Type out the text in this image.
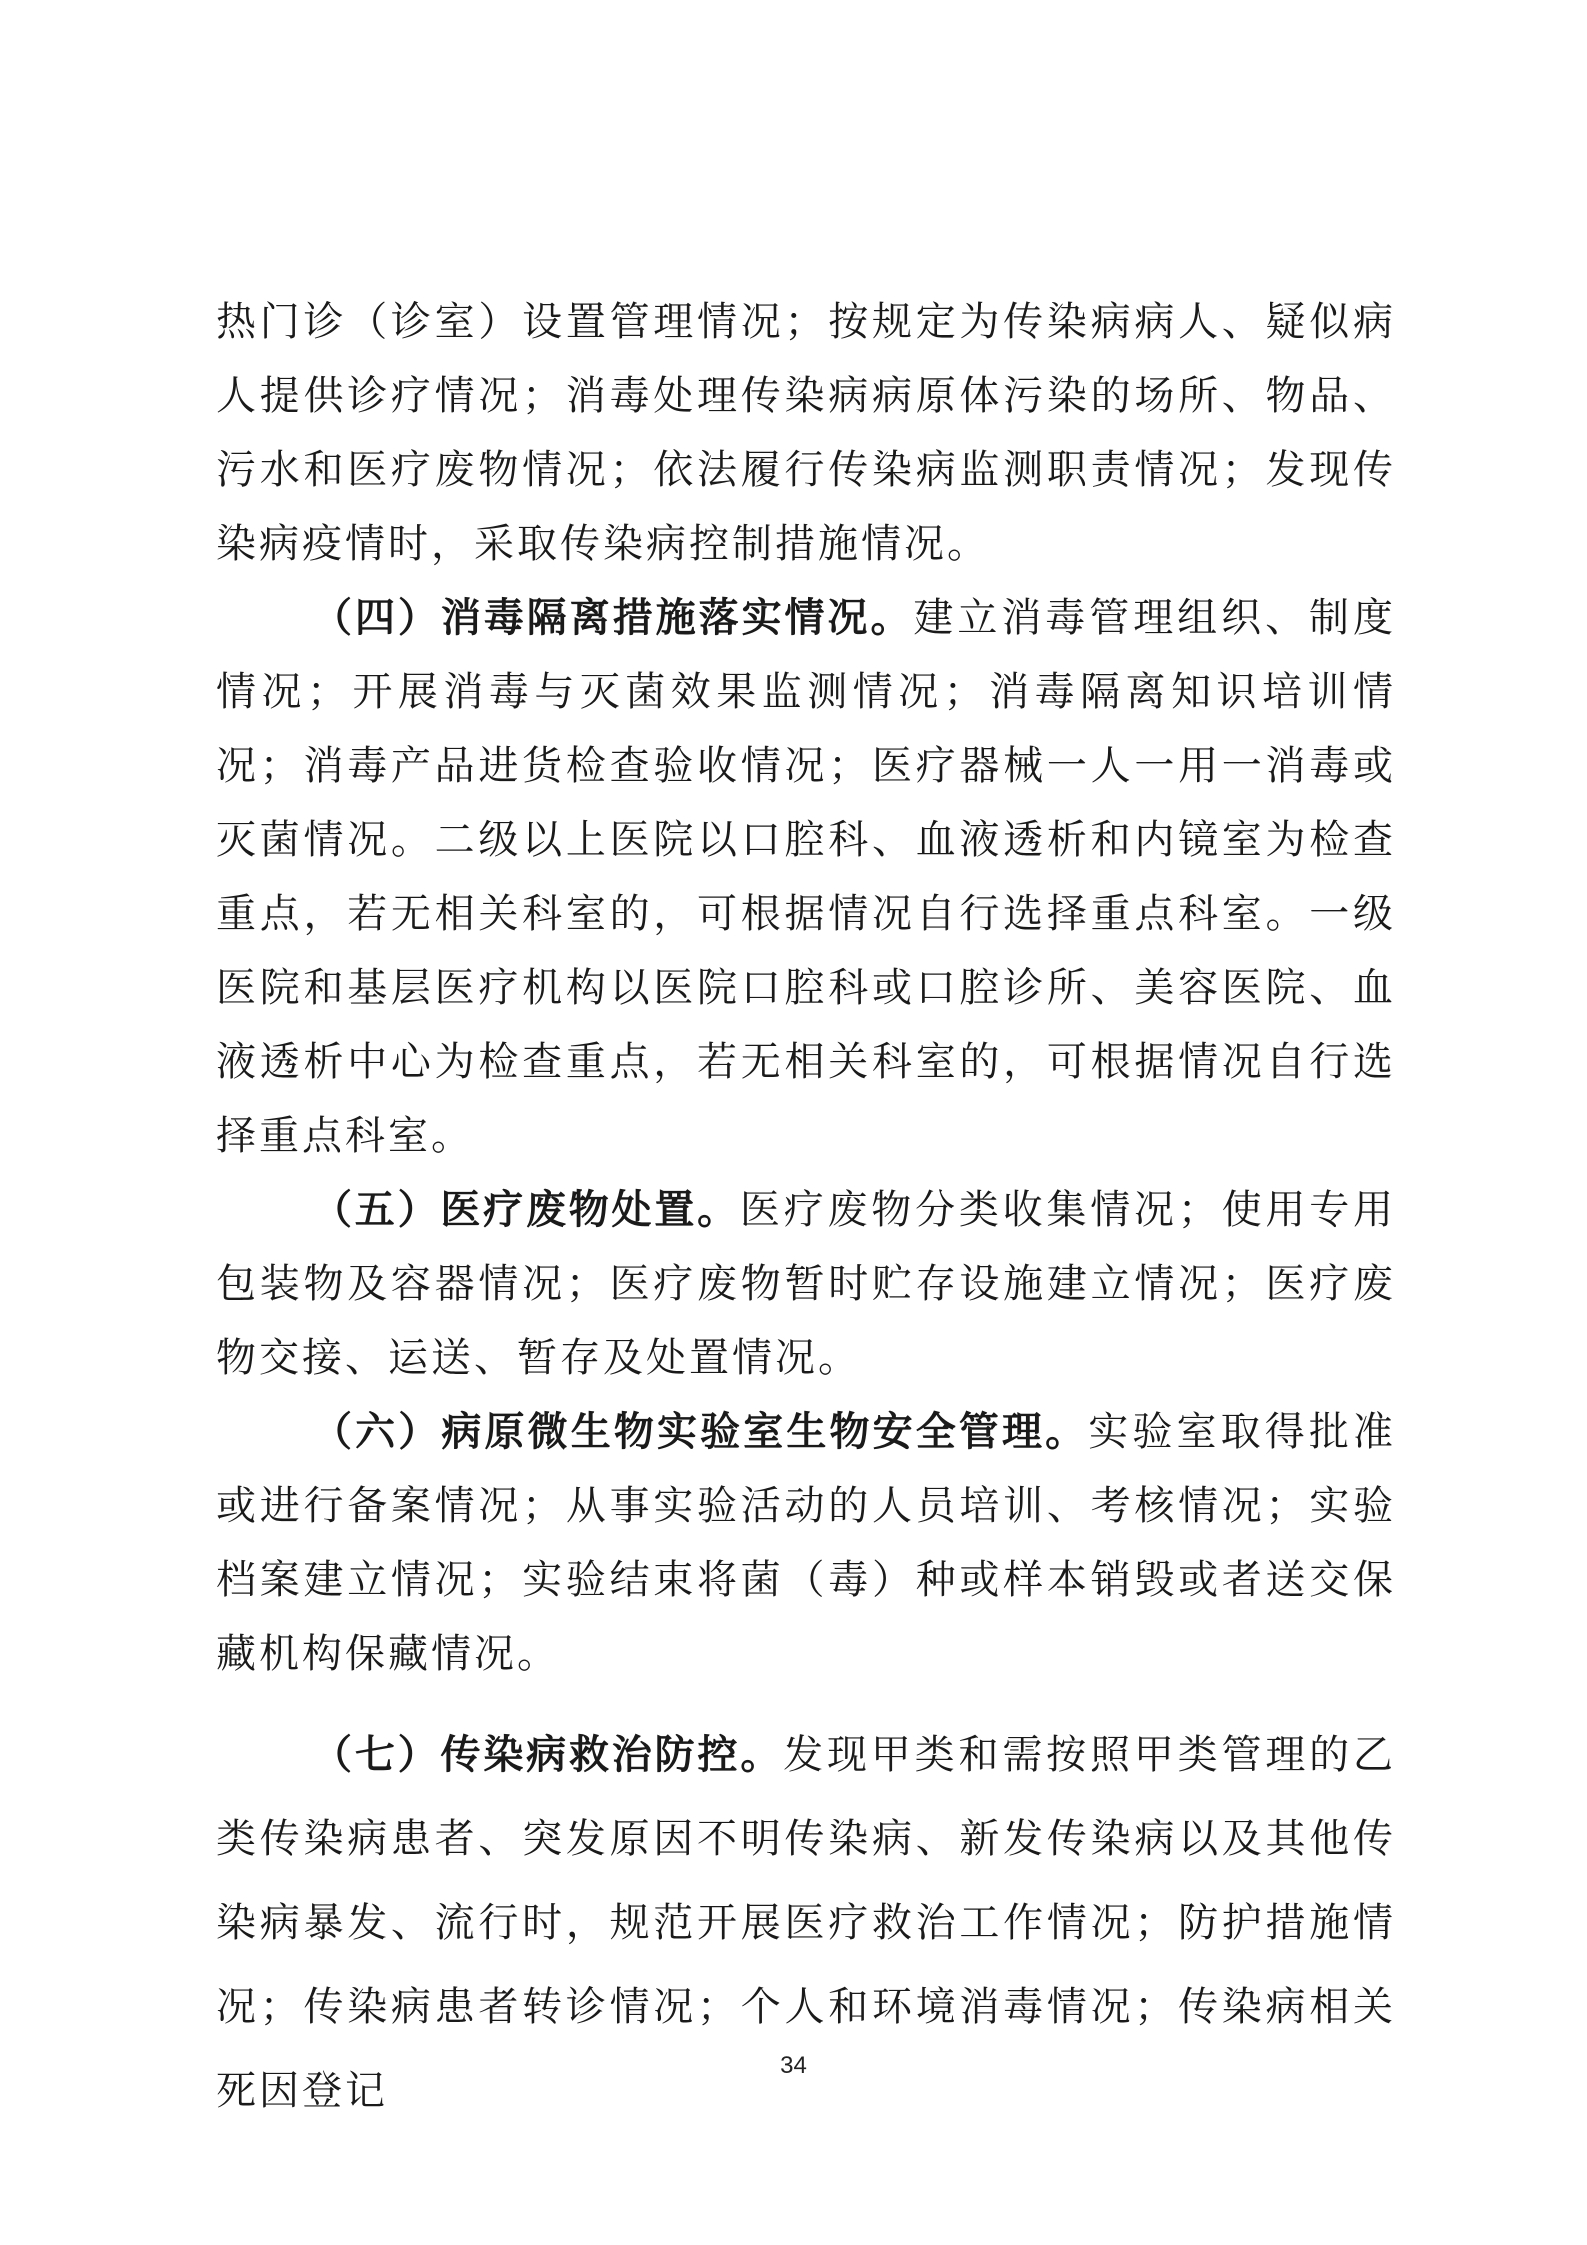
热门诊（诊室）设置管理情况；按规定为传染病病人、疑似病人提供诊疗情况；消毒处理传染病病原体污染的场所、物品、污水和医疗废物情况；依法履行传染病监测职责情况；发现传染病疫情时，采取传染病控制措施情况。

（四）消毒隔离措施落实情况。建立消毒管理组织、制度情况；开展消毒与灭菌效果监测情况；消毒隔离知识培训情况；消毒产品进货检查验收情况；医疗器械一人一用一消毒或灭菌情况。二级以上医院以口腔科、血液透析和内镜室为检查重点，若无相关科室的，可根据情况自行选择重点科室。一级医院和基层医疗机构以医院口腔科或口腔诊所、美容医院、血液透析中心为检查重点，若无相关科室的，可根据情况自行选择重点科室。

（五）医疗废物处置。医疗废物分类收集情况；使用专用包装物及容器情况；医疗废物暂时贮存设施建立情况；医疗废物交接、运送、暂存及处置情况。

（六）病原微生物实验室生物安全管理。实验室取得批准或进行备案情况；从事实验活动的人员培训、考核情况；实验档案建立情况；实验结束将菌（毒）种或样本销毁或者送交保藏机构保藏情况。

（七）传染病救治防控。发现甲类和需按照甲类管理的乙类传染病患者、突发原因不明传染病、新发传染病以及其他传染病暴发、流行时，规范开展医疗救治工作情况；防护措施情况；传染病患者转诊情况；个人和环境消毒情况；传染病相关死因登记

34
